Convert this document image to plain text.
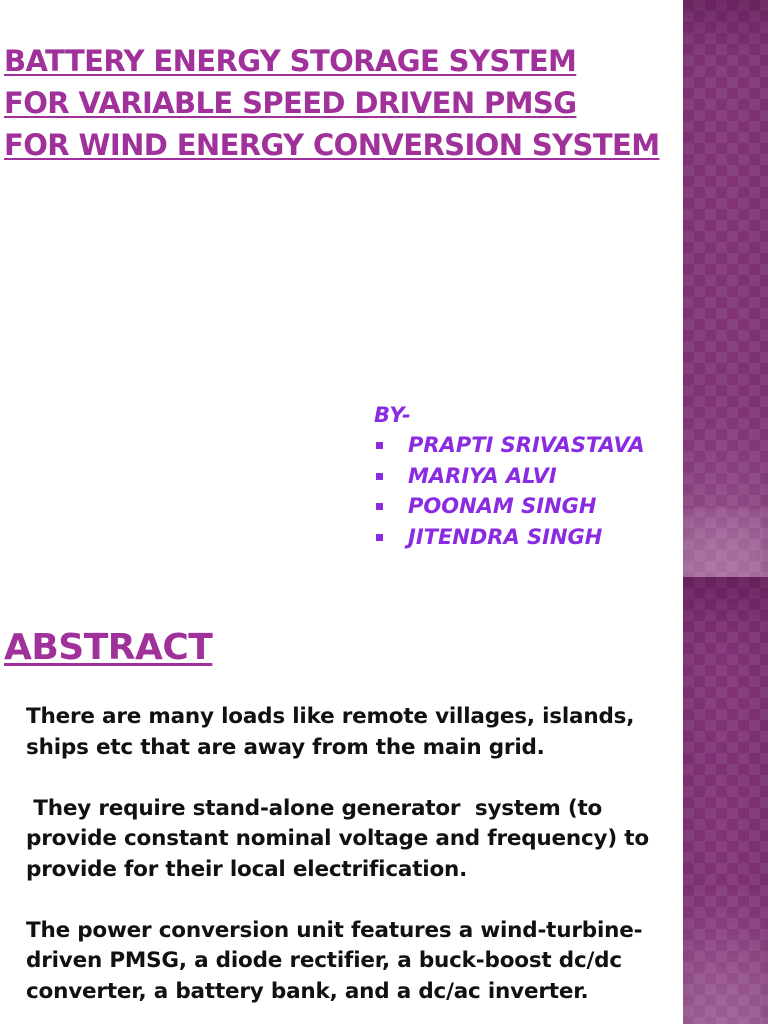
BATTERY ENERGY STORAGE SYSTEM
FOR VARIABLE SPEED DRIVEN PMSG
FOR WIND ENERGY CONVERSION SYSTEM
BY-
PRAPTI SRIVASTAVA
MARIYA ALVI
POONAM SINGH
JITENDRA SINGH
ABSTRACT

There are many loads like remote villages, islands,
ships etc that are away from the main grid.

They require stand-alone generator  system (to
provide constant nominal voltage and frequency) to
provide for their local electrification.

The power conversion unit features a wind-turbine-
driven PMSG, a diode rectifier, a buck-boost dc/dc
converter, a battery bank, and a dc/ac inverter.
